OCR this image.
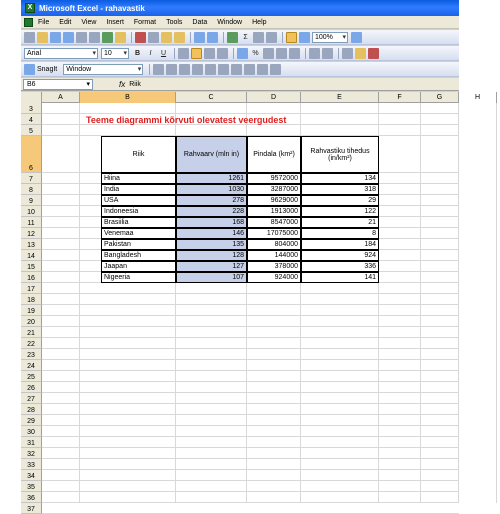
X Microsoft Excel - rahavastik
File Edit View Insert Format Tools Data Window Help
Σ	100% ▾
Arial ▾	10 ▾	B	I	U	%
SnagIt	Window ▾
B6 ▾	fx Riik
A	B	C	D	E	F	G	H
3
4
5
6
7
8
9
10
11
12
13
14
15
16
17
18
19
20
21
22
23
24
25
26
27
28
29
30
31
32
33
34
35
36
37
Teeme diagrammi kõrvuti olevatest veergudest
Riik	Rahvaarv (mln in)	Pindala (km²)	Rahvastiku tihedus
(in/km²)
Hiina	1261	9572000	134
India	1030	3287000	318
USA	278	9629000	29
Indoneesia	228	1913000	122
Brasiilia	168	8547000	21
Venemaa	146	17075000	8
Pakistan	135	804000	184
Bangladesh	128	144000	924
Jaapan	127	378000	336
Nigeeria	107	924000	141
